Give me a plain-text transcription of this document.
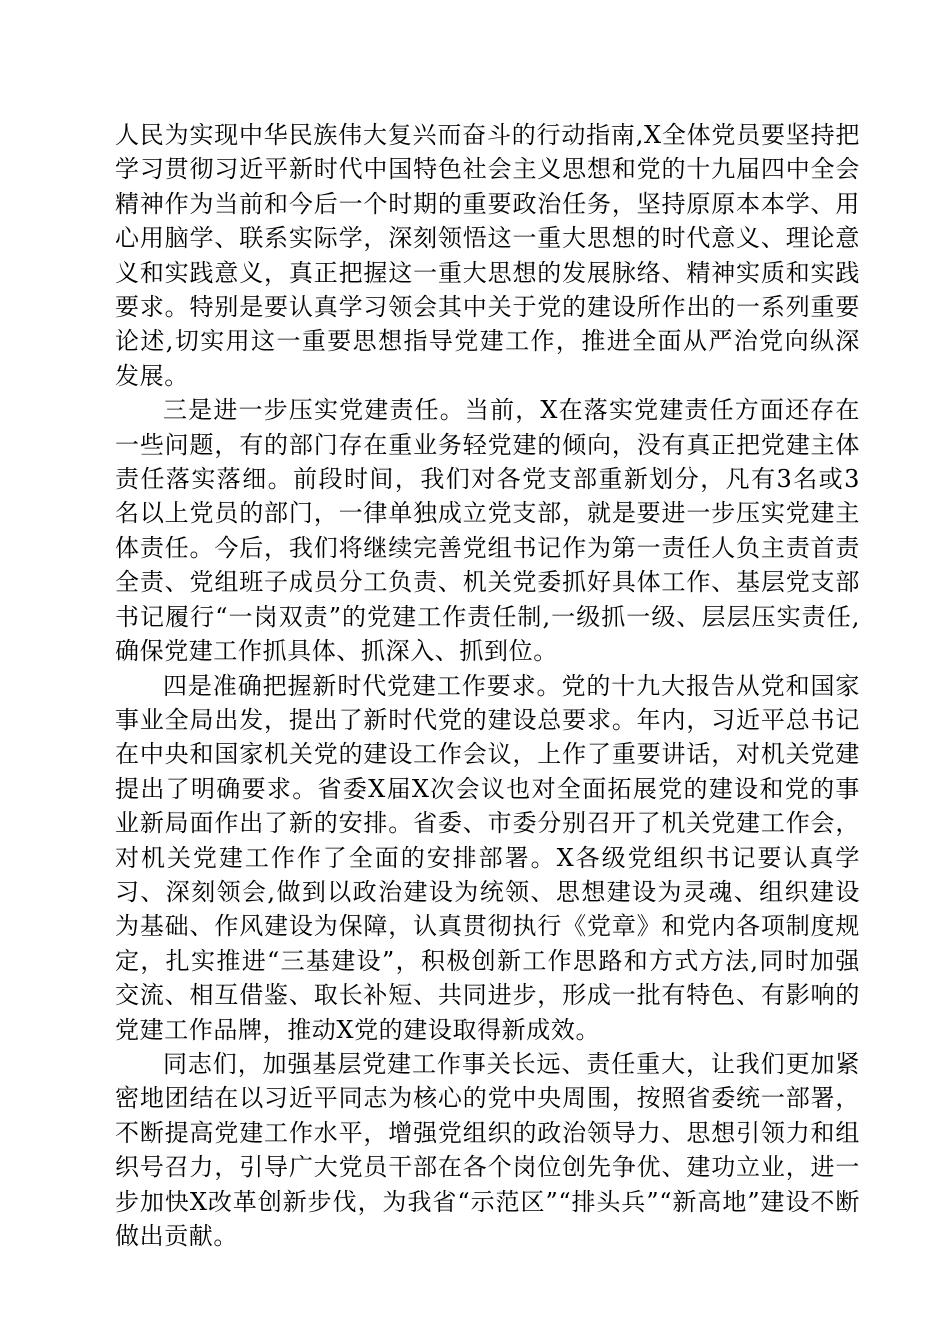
人民为实现中华民族伟大复兴而奋斗的行动指南,X全体党员要坚持把学习贯彻习近平新时代中国特色社会主义思想和党的十九届四中全会精神作为当前和今后一个时期的重要政治任务，坚持原原本本学、用心用脑学、联系实际学，深刻领悟这一重大思想的时代意义、理论意义和实践意义，真正把握这一重大思想的发展脉络、精神实质和实践要求。特别是要认真学习领会其中关于党的建设所作出的一系列重要论述,切实用这一重要思想指导党建工作，推进全面从严治党向纵深发展。

三是进一步压实党建责任。当前，X在落实党建责任方面还存在一些问题，有的部门存在重业务轻党建的倾向，没有真正把党建主体责任落实落细。前段时间，我们对各党支部重新划分，凡有3名或3名以上党员的部门，一律单独成立党支部，就是要进一步压实党建主体责任。今后，我们将继续完善党组书记作为第一责任人负主责首责全责、党组班子成员分工负责、机关党委抓好具体工作、基层党支部书记履行“一岗双责”的党建工作责任制,一级抓一级、层层压实责任,确保党建工作抓具体、抓深入、抓到位。

四是准确把握新时代党建工作要求。党的十九大报告从党和国家事业全局出发，提出了新时代党的建设总要求。年内，习近平总书记在中央和国家机关党的建设工作会议，上作了重要讲话，对机关党建提出了明确要求。省委X届X次会议也对全面拓展党的建设和党的事业新局面作出了新的安排。省委、市委分别召开了机关党建工作会，对机关党建工作作了全面的安排部署。X各级党组织书记要认真学习、深刻领会,做到以政治建设为统领、思想建设为灵魂、组织建设为基础、作风建设为保障，认真贯彻执行《党章》和党内各项制度规定，扎实推进“三基建设”，积极创新工作思路和方式方法,同时加强交流、相互借鉴、取长补短、共同进步，形成一批有特色、有影响的党建工作品牌，推动X党的建设取得新成效。

同志们，加强基层党建工作事关长远、责任重大，让我们更加紧密地团结在以习近平同志为核心的党中央周围，按照省委统一部署，不断提高党建工作水平，增强党组织的政治领导力、思想引领力和组织号召力，引导广大党员干部在各个岗位创先争优、建功立业，进一步加快X改革创新步伐，为我省“示范区”“排头兵”“新高地”建设不断做出贡献。
